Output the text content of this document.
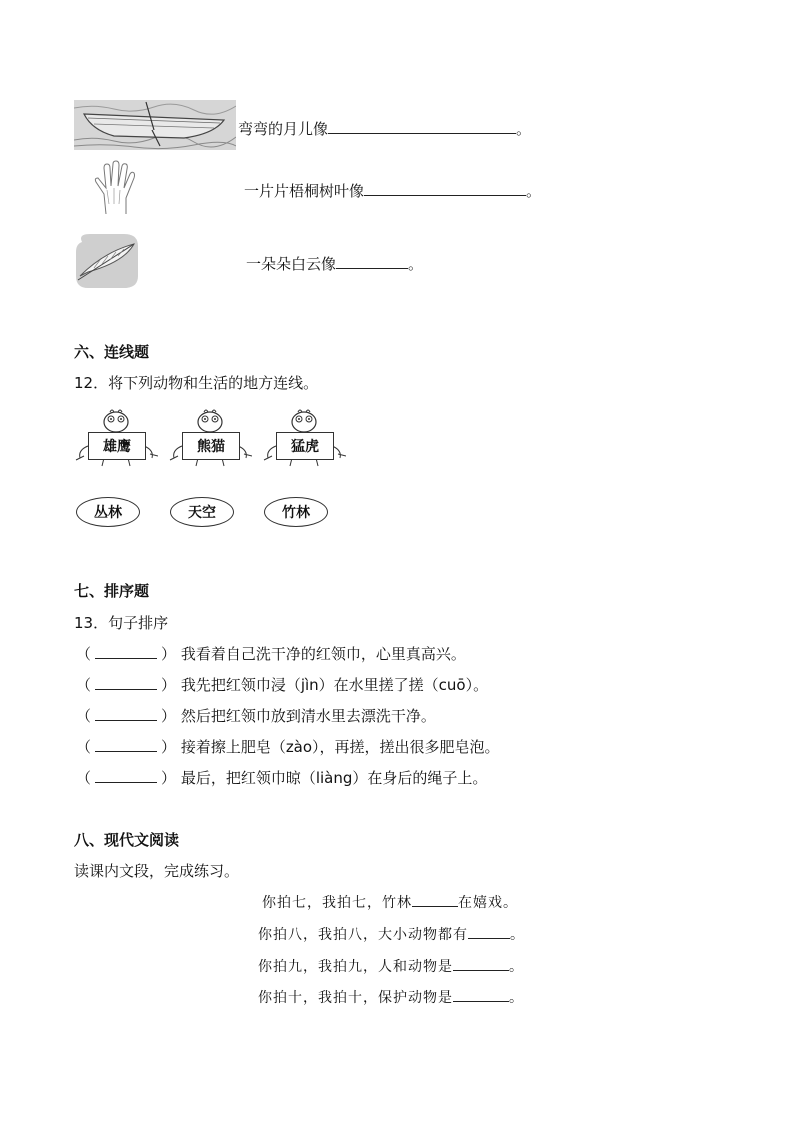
弯弯的月儿像	。
一片片梧桐树叶像	。
一朵朵白云像	。
六、连线题
12．将下列动物和生活的地方连线。
雄鹰	熊猫	猛虎
丛林	天空	竹林
七、排序题
13．句子排序
（	） 我看着自己洗干净的红领巾，心里真高兴。
（	） 我先把红领巾浸（jìn）在水里搓了搓（cuō）。
（	） 然后把红领巾放到清水里去漂洗干净。
（	） 接着擦上肥皂（zào），再搓，搓出很多肥皂泡。
（	） 最后，把红领巾晾（liàng）在身后的绳子上。
八、现代文阅读
读课内文段，完成练习。
你拍七，我拍七，竹林	在嬉戏。
你拍八，我拍八，大小动物都有	。
你拍九，我拍九，人和动物是	。
你拍十，我拍十，保护动物是	。
